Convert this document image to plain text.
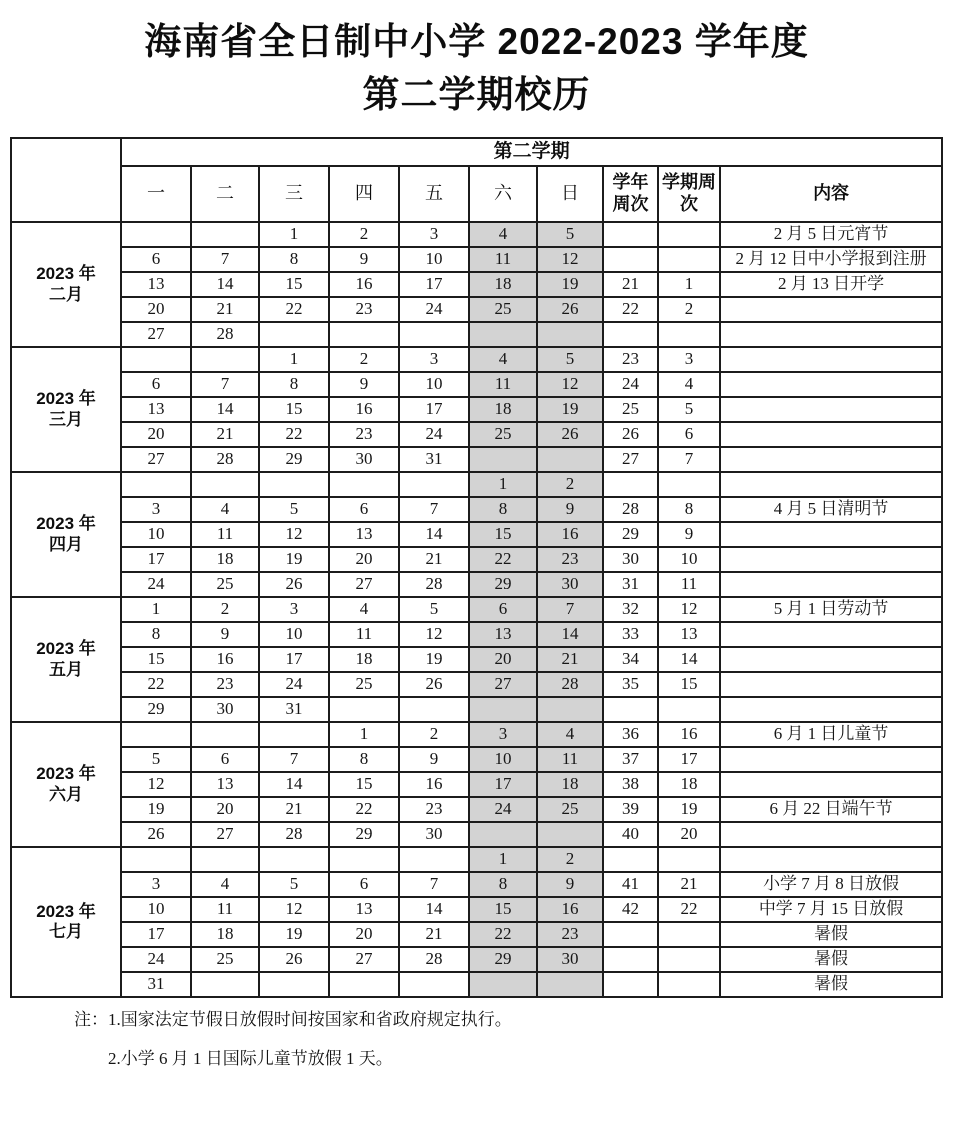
海南省全日制中小学 2022-2023 学年度
第二学期校历
	第二学期									
	一	二	三	四	五	六	日	学年周次	学期周次	内容

2023 年
二月			1	2	3	4	5			2 月 5 日元宵节
	6	7	8	9	10	11	12			2 月 12 日中小学报到注册
	13	14	15	16	17	18	19	21	1	2 月 13 日开学
	20	21	22	23	24	25	26	22	2	
	27	28								

2023 年
三月			1	2	3	4	5	23	3	
	6	7	8	9	10	11	12	24	4	
	13	14	15	16	17	18	19	25	5	
	20	21	22	23	24	25	26	26	6	
	27	28	29	30	31			27	7	

2023 年
四月						1	2			
	3	4	5	6	7	8	9	28	8	4 月 5 日清明节
	10	11	12	13	14	15	16	29	9	
	17	18	19	20	21	22	23	30	10	
	24	25	26	27	28	29	30	31	11	

2023 年
五月	1	2	3	4	5	6	7	32	12	5 月 1 日劳动节
	8	9	10	11	12	13	14	33	13	
	15	16	17	18	19	20	21	34	14	
	22	23	24	25	26	27	28	35	15	
	29	30	31							

2023 年
六月				1	2	3	4	36	16	6 月 1 日儿童节
	5	6	7	8	9	10	11	37	17	
	12	13	14	15	16	17	18	38	18	
	19	20	21	22	23	24	25	39	19	6 月 22 日端午节
	26	27	28	29	30			40	20	

2023 年
七月						1	2			
	3	4	5	6	7	8	9	41	21	小学 7 月 8 日放假
	10	11	12	13	14	15	16	42	22	中学 7 月 15 日放假
	17	18	19	20	21	22	23			暑假
	24	25	26	27	28	29	30			暑假
	31									暑假
注：1.国家法定节假日放假时间按国家和省政府规定执行。
2.小学 6 月 1 日国际儿童节放假 1 天。
